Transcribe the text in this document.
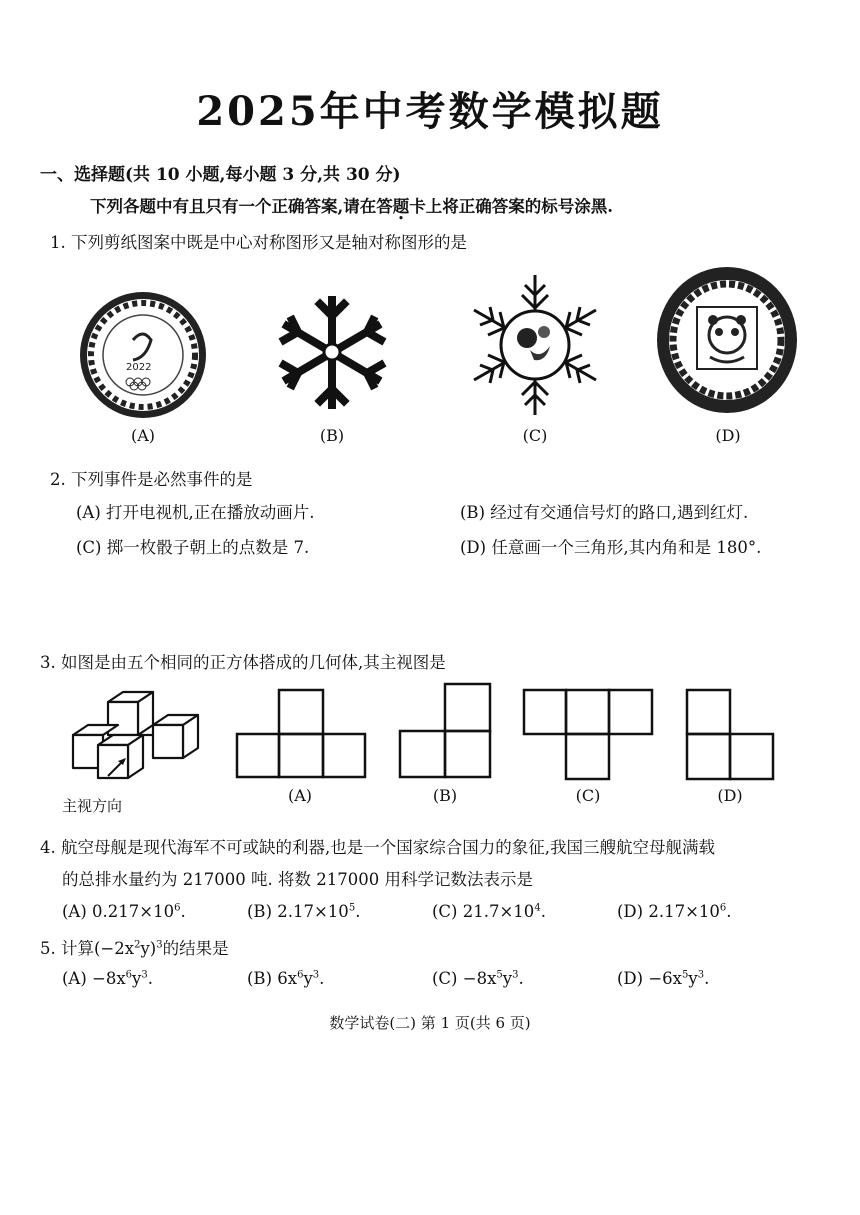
2025年中考数学模拟题
一、选择题(共 10 小题,每小题 3 分,共 30 分)
下列各题中有且只有一个正确答案,请在答题卡上将正确答案的标号涂黑.
1. 下列剪纸图案中既是中心对称图形又是轴对称图形的是
2022
(A)	(B)	(C)	(D)
2. 下列事件是必然事件的是
(A) 打开电视机,正在播放动画片.	(B) 经过有交通信号灯的路口,遇到红灯.
(C) 掷一枚骰子朝上的点数是 7.	(D) 任意画一个三角形,其内角和是 180°.
3. 如图是由五个相同的正方体搭成的几何体,其主视图是
主视方向
(A)	(B)	(C)	(D)
4. 航空母舰是现代海军不可或缺的利器,也是一个国家综合国力的象征,我国三艘航空母舰满载
的总排水量约为 217000 吨. 将数 217000 用科学记数法表示是
(A) $0.217\times 10^6$.	(B) $2.17\times 10^5$.	(C) $21.7\times 10^4$.	(D) $2.17\times 10^6$.
5. 计算$(-2x^2y)^3$的结果是
$(A) -8x^6y^3$.	(B) $6x^6y^3$.	$(C) -8x^5y^3$.	$(D) -6x^5y^3$.
数学试卷(二) 第 1 页(共 6 页)
